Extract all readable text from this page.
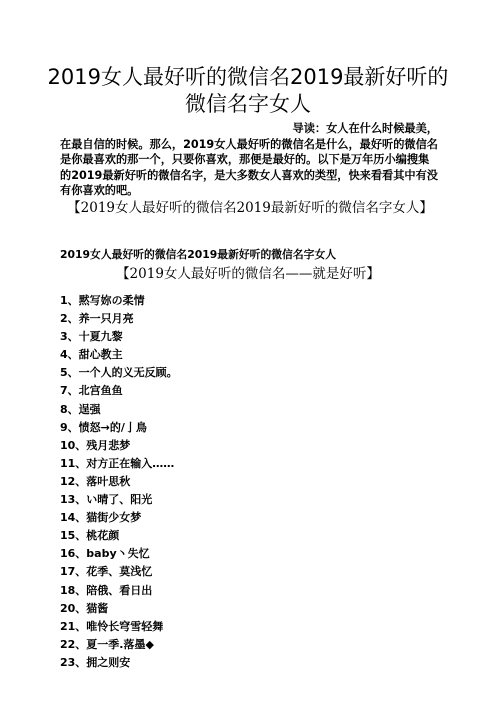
2019女人最好听的微信名2019最新好听的微信名字女人

导读：女人在什么时候最美，
在最自信的时候。那么，2019女人最好听的微信名是什么，最好听的微信名是你最喜欢的那一个，只要你喜欢，那便是最好的。以下是万年历小编搜集的2019最新好听的微信名字，是大多数女人喜欢的类型，快来看看其中有没有你喜欢的吧。

【2019女人最好听的微信名2019最新好听的微信名字女人】

2019女人最好听的微信名2019最新好听的微信名字女人

【2019女人最好听的微信名——就是好听】

1、黙写妳の柔情
2、养一只月亮
3、十夏九黎
4、甜心教主
5、一个人的义无反顾。
7、北宫鱼鱼
8、逞强
9、愤怒→的/亅鳥
10、残月悲梦
11、对方正在输入……
12、落叶思秋
13、い晴了、阳光
14、猫街少女梦
15、桃花颜
16、baby丶失忆
17、花季、莫浅忆
18、陪俄、看日出
20、猫酱
21、唯怜长穹雪轻舞
22、夏一季.落墨◆
23、拥之则安
